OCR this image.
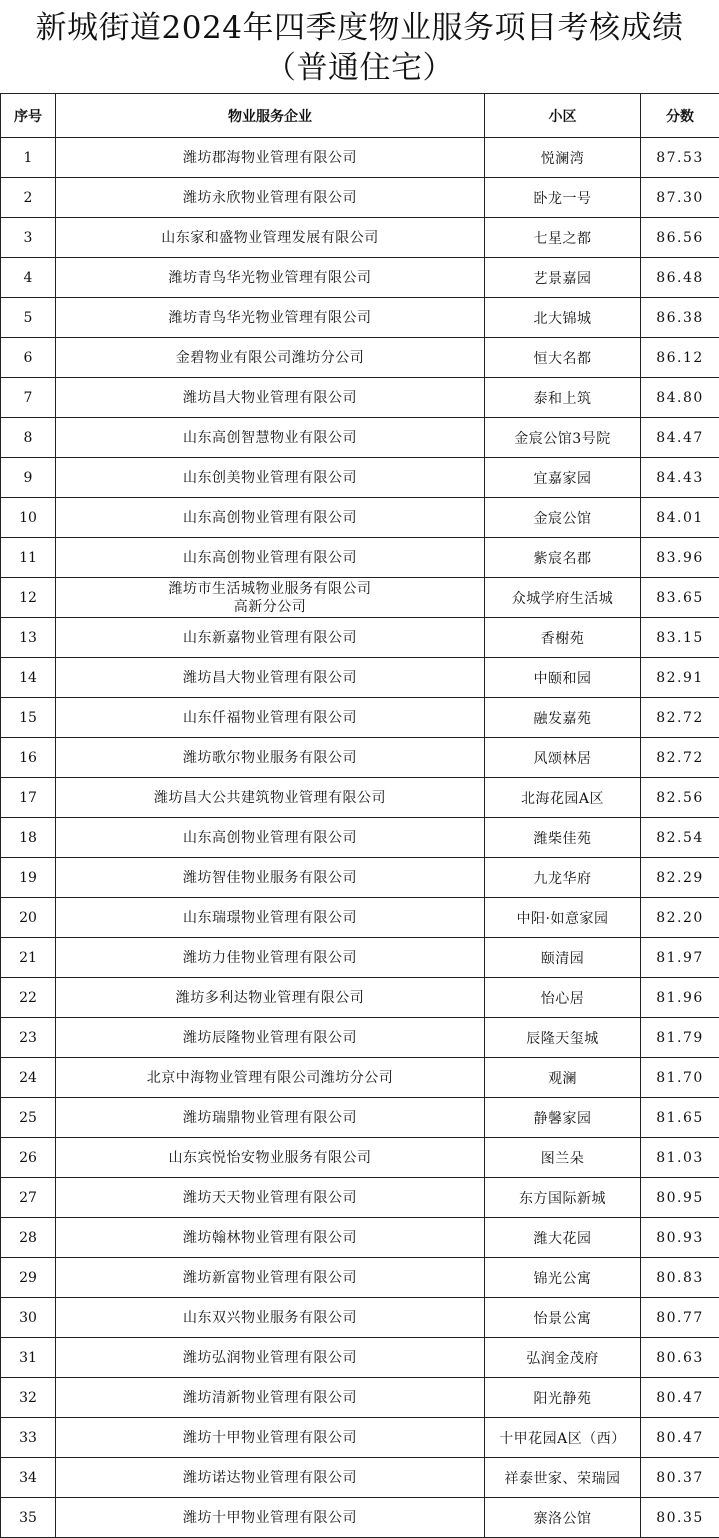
新城街道2024年四季度物业服务项目考核成绩
（普通住宅）
序号	物业服务企业	小区	分数
1	潍坊郡海物业管理有限公司	悦澜湾	87.53
2	潍坊永欣物业管理有限公司	卧龙一号	87.30
3	山东家和盛物业管理发展有限公司	七星之都	86.56
4	潍坊青鸟华光物业管理有限公司	艺景嘉园	86.48
5	潍坊青鸟华光物业管理有限公司	北大锦城	86.38
6	金碧物业有限公司潍坊分公司	恒大名都	86.12
7	潍坊昌大物业管理有限公司	泰和上筑	84.80
8	山东高创智慧物业有限公司	金宸公馆3号院	84.47
9	山东创美物业管理有限公司	宜嘉家园	84.43
10	山东高创物业管理有限公司	金宸公馆	84.01
11	山东高创物业管理有限公司	紫宸名郡	83.96
12	潍坊市生活城物业服务有限公司
高新分公司	众城学府生活城	83.65
13	山东新嘉物业管理有限公司	香榭苑	83.15
14	潍坊昌大物业管理有限公司	中颐和园	82.91
15	山东仟福物业管理有限公司	融发嘉苑	82.72
16	潍坊歌尔物业服务有限公司	风颂林居	82.72
17	潍坊昌大公共建筑物业管理有限公司	北海花园A区	82.56
18	山东高创物业管理有限公司	潍柴佳苑	82.54
19	潍坊智佳物业服务有限公司	九龙华府	82.29
20	山东瑞璟物业管理有限公司	中阳·如意家园	82.20
21	潍坊力佳物业管理有限公司	颐清园	81.97
22	潍坊多利达物业管理有限公司	怡心居	81.96
23	潍坊辰隆物业管理有限公司	辰隆天玺城	81.79
24	北京中海物业管理有限公司潍坊分公司	观澜	81.70
25	潍坊瑞鼎物业管理有限公司	静馨家园	81.65
26	山东宾悦怡安物业服务有限公司	图兰朵	81.03
27	潍坊天天物业管理有限公司	东方国际新城	80.95
28	潍坊翰林物业管理有限公司	潍大花园	80.93
29	潍坊新富物业管理有限公司	锦光公寓	80.83
30	山东双兴物业服务有限公司	怡景公寓	80.77
31	潍坊弘润物业管理有限公司	弘润金茂府	80.63
32	潍坊清新物业管理有限公司	阳光静苑	80.47
33	潍坊十甲物业管理有限公司	十甲花园A区（西）	80.47
34	潍坊诺达物业管理有限公司	祥泰世家、荣瑞园	80.37
35	潍坊十甲物业管理有限公司	寨洛公馆	80.35
